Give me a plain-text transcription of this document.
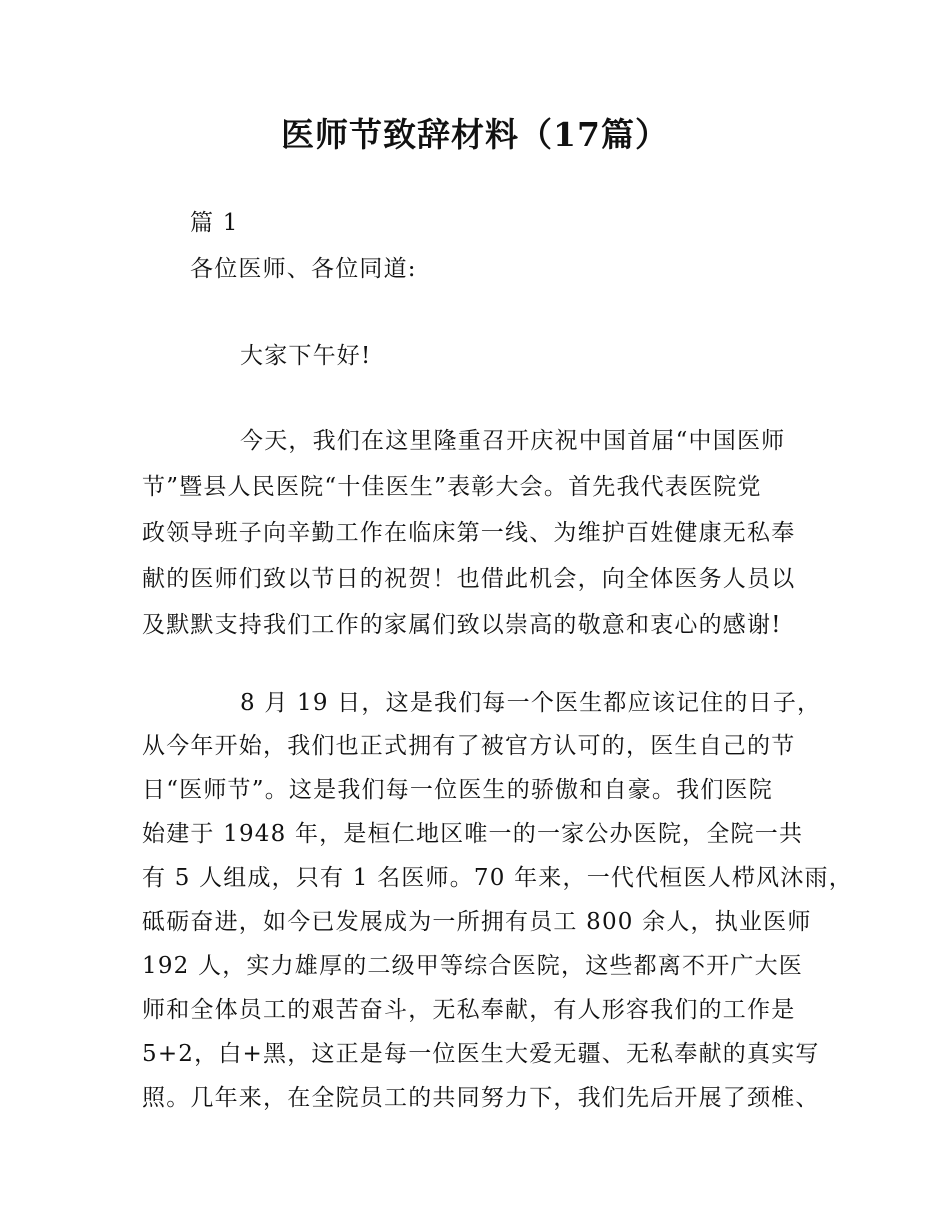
医师节致辞材料（17篇）
篇 1
各位医师、各位同道:
大家下午好!
今天，我们在这里隆重召开庆祝中国首届“中国医师
节”暨县人民医院“十佳医生”表彰大会。首先我代表医院党
政领导班子向辛勤工作在临床第一线、为维护百姓健康无私奉
献的医师们致以节日的祝贺！也借此机会，向全体医务人员以
及默默支持我们工作的家属们致以崇高的敬意和衷心的感谢!
8 月 19 日，这是我们每一个医生都应该记住的日子，
从今年开始，我们也正式拥有了被官方认可的，医生自己的节
日“医师节”。这是我们每一位医生的骄傲和自豪。我们医院
始建于 1948 年，是桓仁地区唯一的一家公办医院，全院一共
有 5 人组成，只有 1 名医师。70 年来，一代代桓医人栉风沐雨，
砥砺奋进，如今已发展成为一所拥有员工 800 余人，执业医师
192 人，实力雄厚的二级甲等综合医院，这些都离不开广大医
师和全体员工的艰苦奋斗，无私奉献，有人形容我们的工作是
5+2，白+黑，这正是每一位医生大爱无疆、无私奉献的真实写
照。几年来，在全院员工的共同努力下，我们先后开展了颈椎、
